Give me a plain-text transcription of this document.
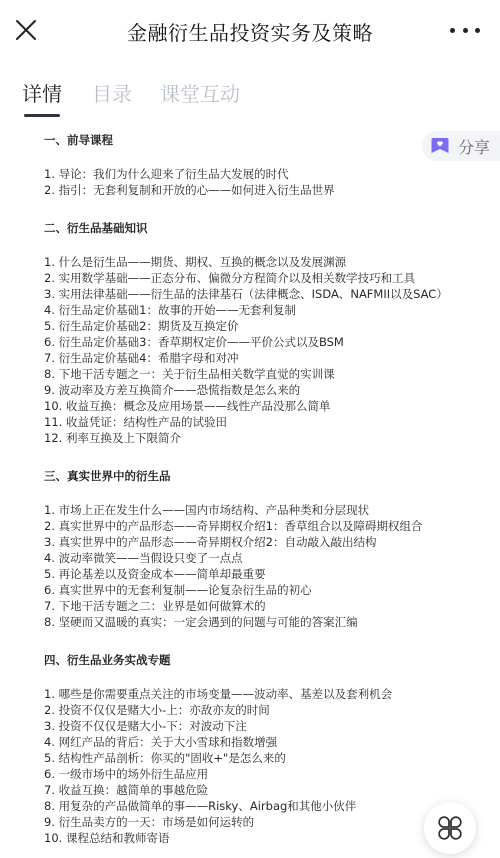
金融衍生品投资实务及策略
详情 目录 课堂互动
分享
一、前导课程
1. 导论：我们为什么迎来了衍生品大发展的时代
2. 指引：无套利复制和开放的心——如何进入衍生品世界
二、衍生品基础知识
1. 什么是衍生品——期货、期权、互换的概念以及发展渊源
2. 实用数学基础——正态分布、偏微分方程简介以及相关数学技巧和工具
3. 实用法律基础——衍生品的法律基石（法律概念、ISDA、NAFMII以及SAC）
4. 衍生品定价基础1：故事的开始——无套利复制
5. 衍生品定价基础2：期货及互换定价
6. 衍生品定价基础3：香草期权定价——平价公式以及BSM
7. 衍生品定价基础4：希腊字母和对冲
8. 下地干活专题之一：关于衍生品相关数学直觉的实训课
9. 波动率及方差互换简介——恐慌指数是怎么来的
10. 收益互换：概念及应用场景——线性产品没那么简单
11. 收益凭证：结构性产品的试验田
12. 利率互换及上下限简介
三、真实世界中的衍生品
1. 市场上正在发生什么——国内市场结构、产品种类和分层现状
2. 真实世界中的产品形态——奇异期权介绍1：香草组合以及障碍期权组合
3. 真实世界中的产品形态——奇异期权介绍2：自动敲入敲出结构
4. 波动率微笑——当假设只变了一点点
5. 再论基差以及资金成本——简单却最重要
6. 真实世界中的无套利复制——论复杂衍生品的初心
7. 下地干活专题之二：业界是如何做算术的
8. 坚硬而又温暖的真实：一定会遇到的问题与可能的答案汇编
四、衍生品业务实战专题
1. 哪些是你需要重点关注的市场变量——波动率、基差以及套利机会
2. 投资不仅仅是赌大小-上：亦敌亦友的时间
3. 投资不仅仅是赌大小-下：对波动下注
4. 网红产品的背后：关于大小雪球和指数增强
5. 结构性产品剖析：你买的"固收+"是怎么来的
6. 一级市场中的场外衍生品应用
7. 收益互换：越简单的事越危险
8. 用复杂的产品做简单的事——Risky、Airbag和其他小伙伴
9. 衍生品卖方的一天：市场是如何运转的
10. 课程总结和教师寄语
